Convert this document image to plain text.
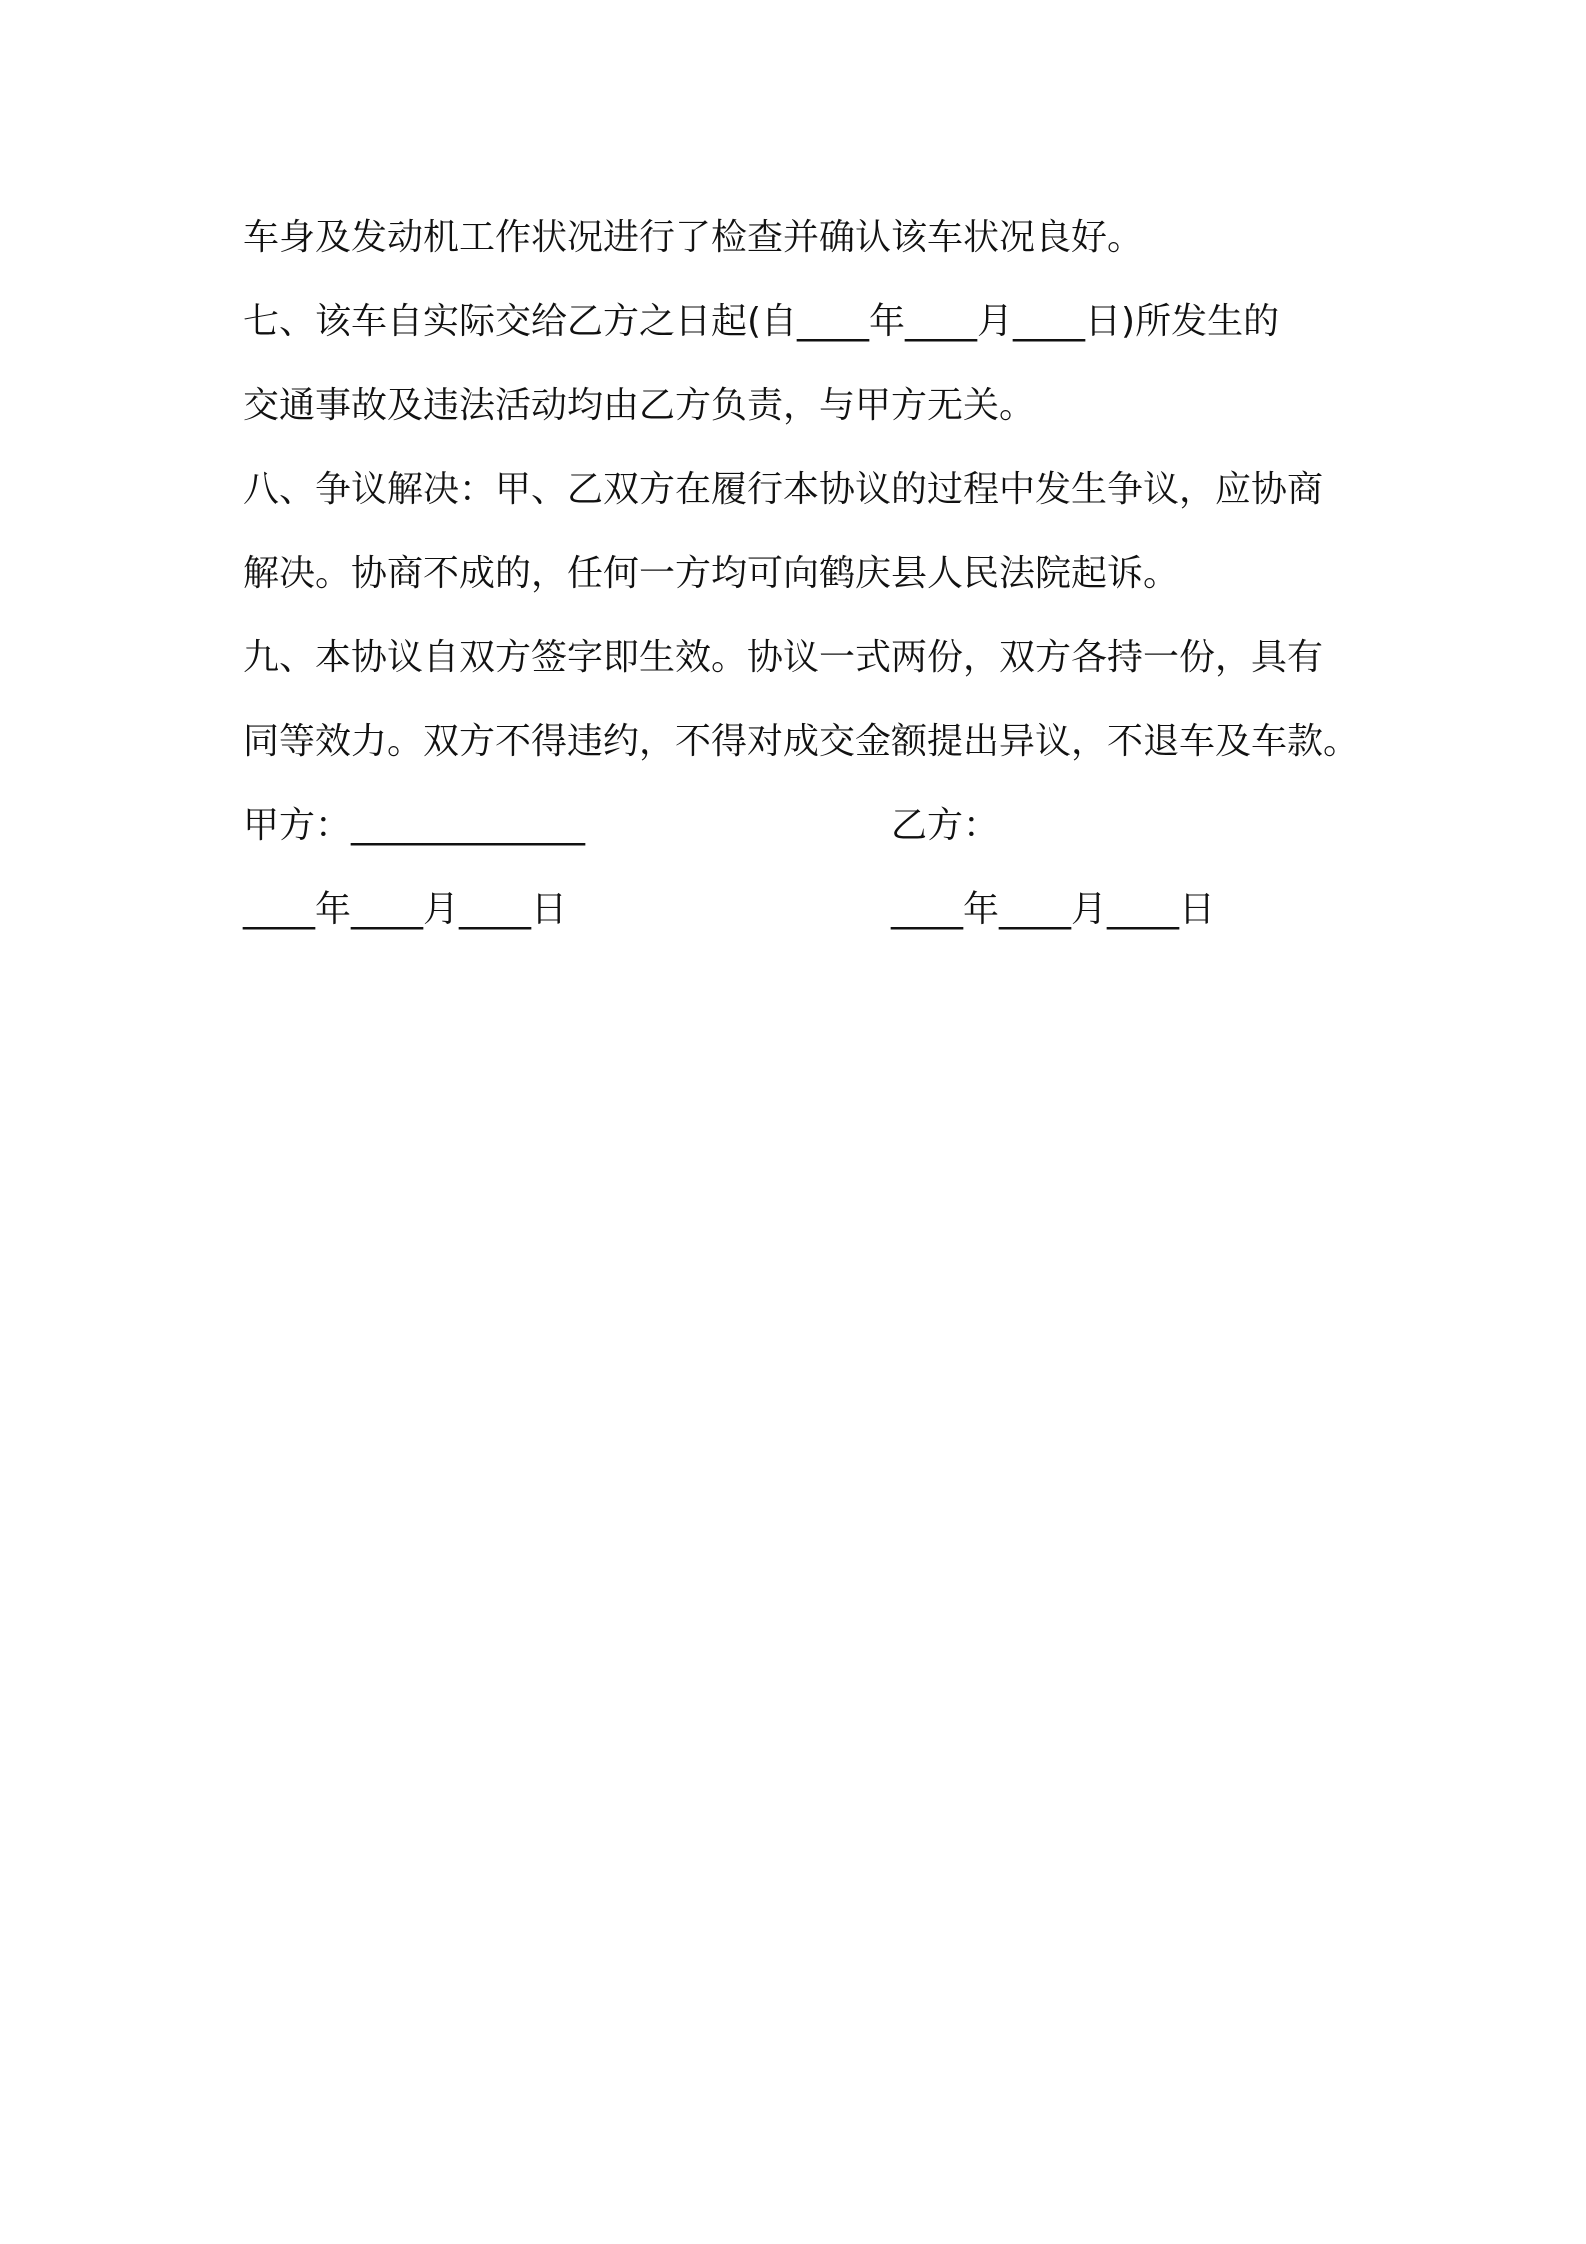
车身及发动机工作状况进行了检查并确认该车状况良好。
七、该车自实际交给乙方之日起(自____年____月____日)所发生的
交通事故及违法活动均由乙方负责，与甲方无关。
八、争议解决：甲、乙双方在履行本协议的过程中发生争议，应协商
解决。协商不成的，任何一方均可向鹤庆县人民法院起诉。
九、本协议自双方签字即生效。协议一式两份，双方各持一份，具有
同等效力。双方不得违约，不得对成交金额提出异议，不退车及车款。
甲方：_____________	乙方：
____年____月____日	____年____月____日
